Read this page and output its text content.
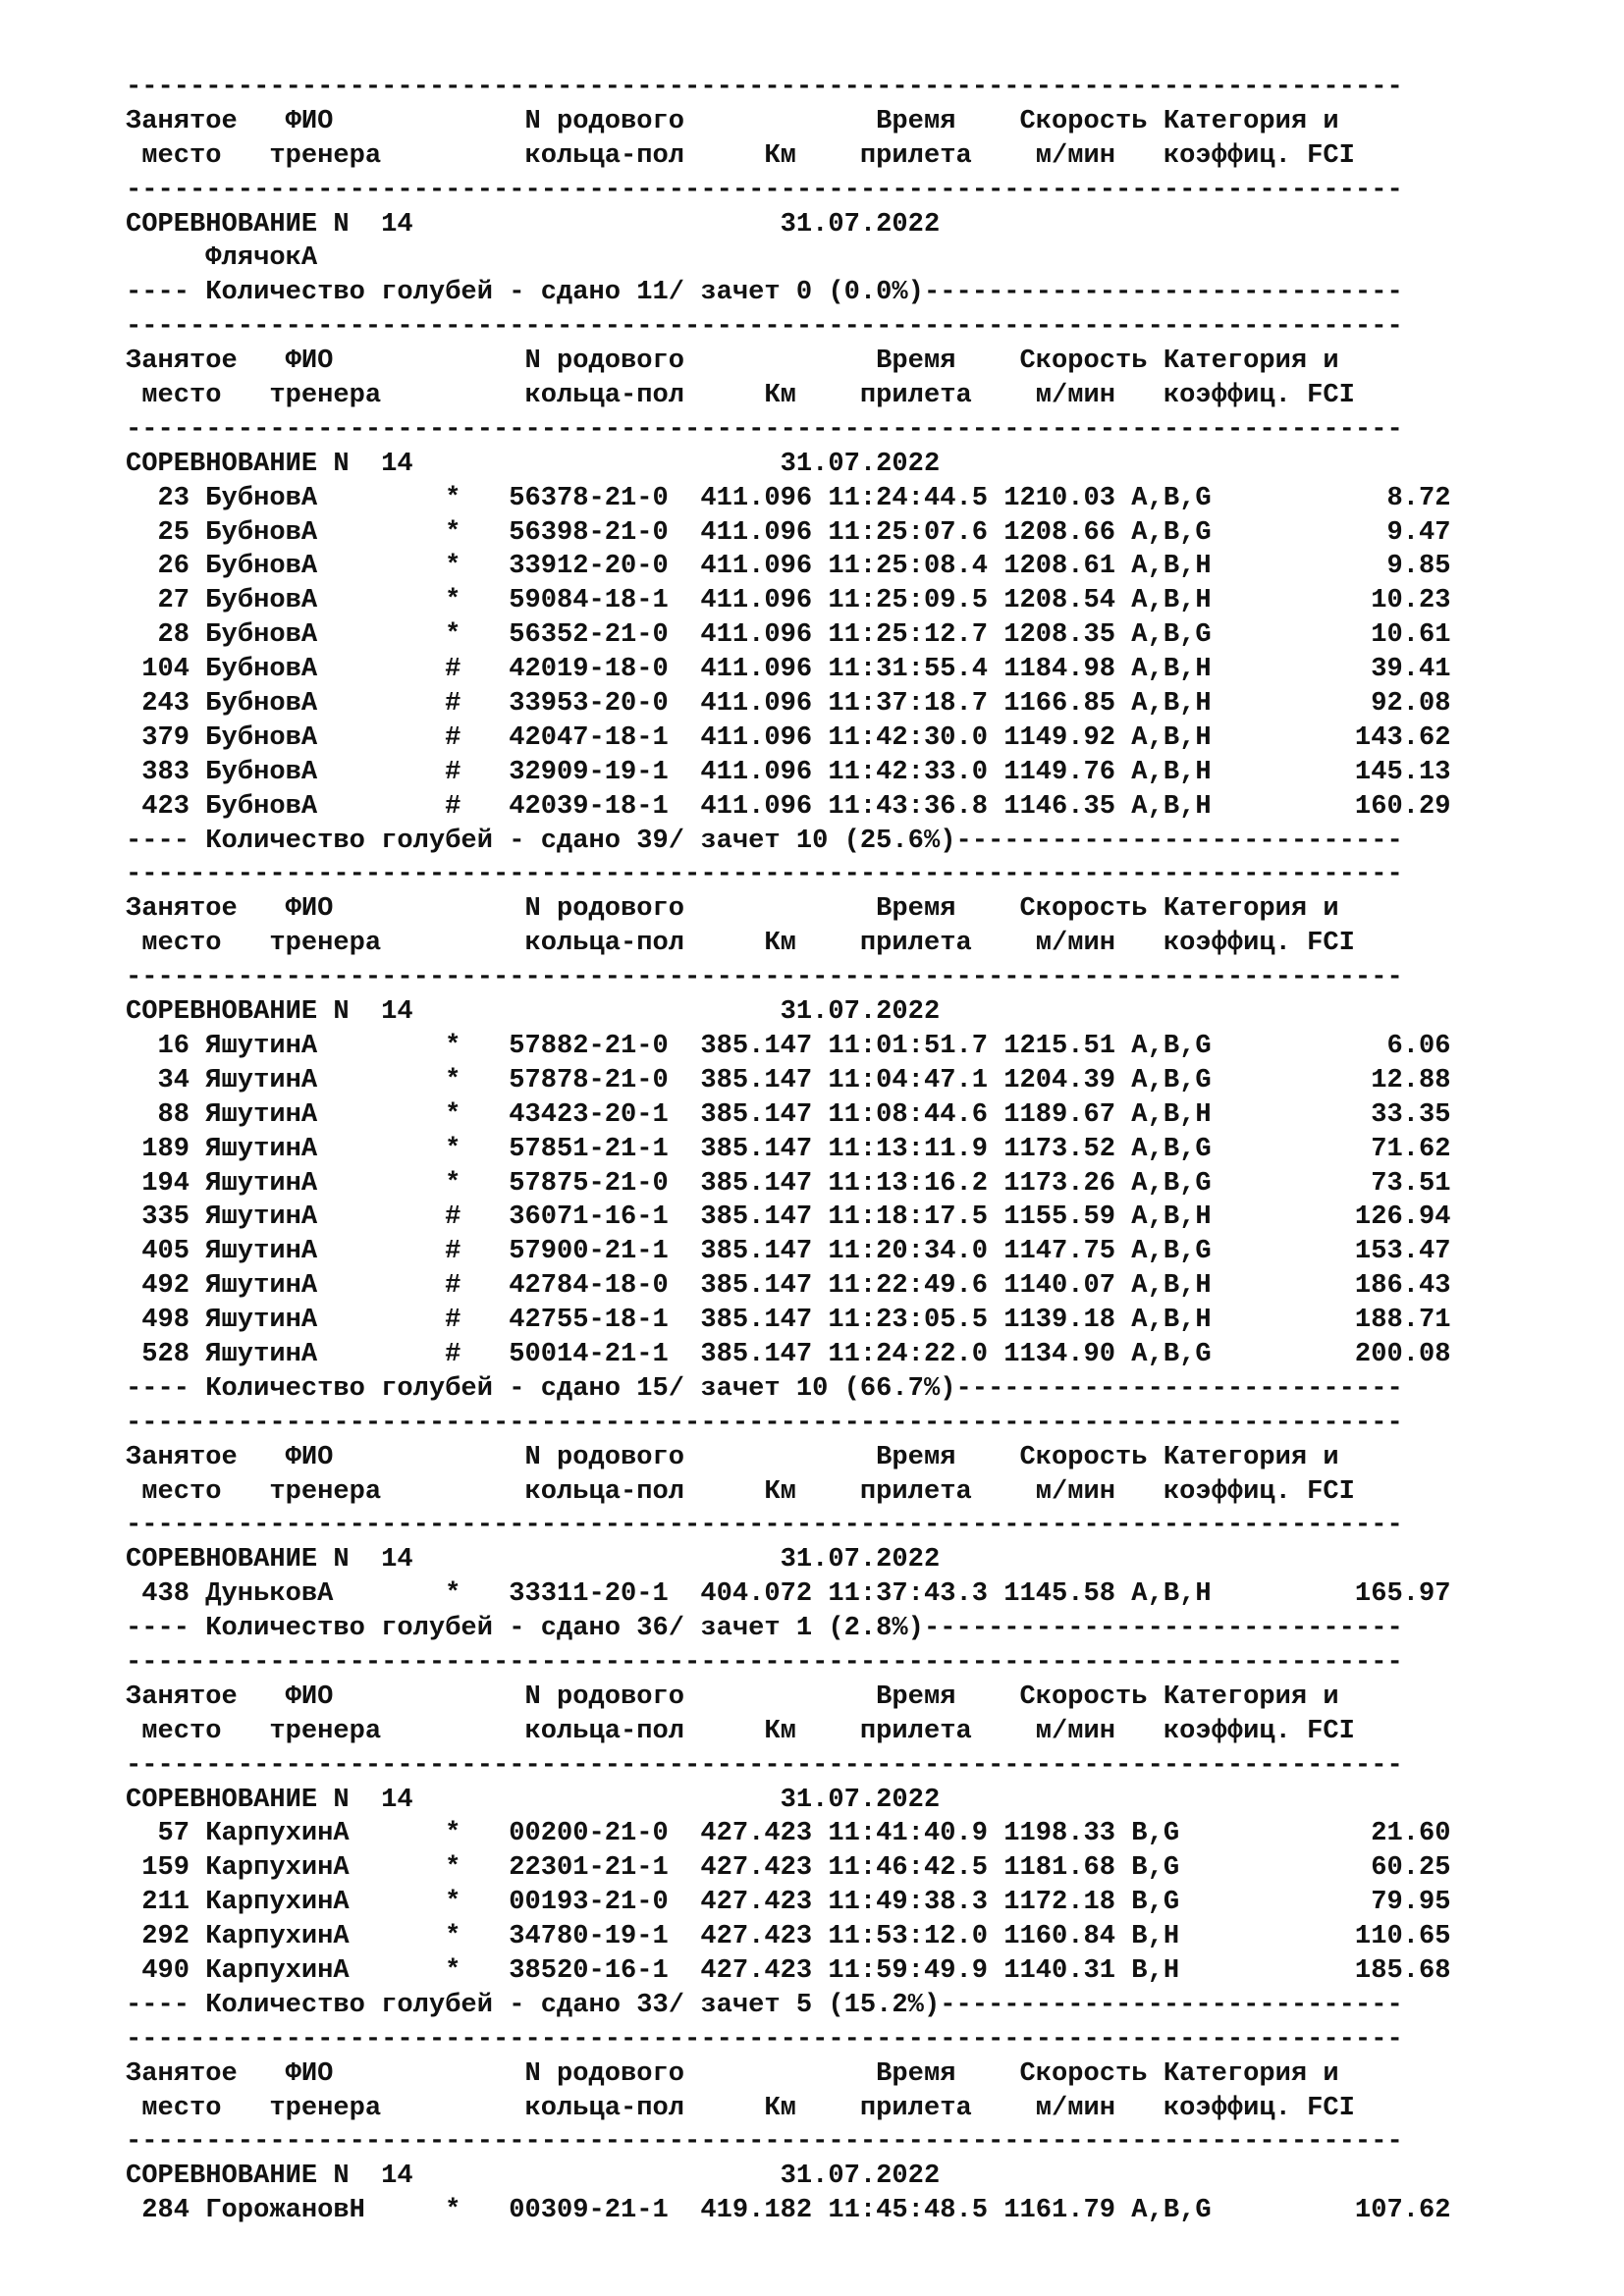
--------------------------------------------------------------------------------
Занятое   ФИО            N родового            Время    Скорость Категория и
место   тренера         кольца-пол     Км    прилета    м/мин   коэффиц. FCI
--------------------------------------------------------------------------------
СОРЕВНОВАНИЕ N  14                       31.07.2022
ФлячокА
---- Количество голубей - сдано 11/ зачет 0 (0.0%)------------------------------
--------------------------------------------------------------------------------
Занятое   ФИО            N родового            Время    Скорость Категория и
место   тренера         кольца-пол     Км    прилета    м/мин   коэффиц. FCI
--------------------------------------------------------------------------------
СОРЕВНОВАНИЕ N  14                       31.07.2022
23 БубновА        *   56378-21-0  411.096 11:24:44.5 1210.03 A,B,G           8.72
25 БубновА        *   56398-21-0  411.096 11:25:07.6 1208.66 A,B,G           9.47
26 БубновА        *   33912-20-0  411.096 11:25:08.4 1208.61 A,B,H           9.85
27 БубновА        *   59084-18-1  411.096 11:25:09.5 1208.54 A,B,H          10.23
28 БубновА        *   56352-21-0  411.096 11:25:12.7 1208.35 A,B,G          10.61
104 БубновА        #   42019-18-0  411.096 11:31:55.4 1184.98 A,B,H          39.41
243 БубновА        #   33953-20-0  411.096 11:37:18.7 1166.85 A,B,H          92.08
379 БубновА        #   42047-18-1  411.096 11:42:30.0 1149.92 A,B,H         143.62
383 БубновА        #   32909-19-1  411.096 11:42:33.0 1149.76 A,B,H         145.13
423 БубновА        #   42039-18-1  411.096 11:43:36.8 1146.35 A,B,H         160.29
---- Количество голубей - сдано 39/ зачет 10 (25.6%)----------------------------
--------------------------------------------------------------------------------
Занятое   ФИО            N родового            Время    Скорость Категория и
место   тренера         кольца-пол     Км    прилета    м/мин   коэффиц. FCI
--------------------------------------------------------------------------------
СОРЕВНОВАНИЕ N  14                       31.07.2022
16 ЯшутинА        *   57882-21-0  385.147 11:01:51.7 1215.51 A,B,G           6.06
34 ЯшутинА        *   57878-21-0  385.147 11:04:47.1 1204.39 A,B,G          12.88
88 ЯшутинА        *   43423-20-1  385.147 11:08:44.6 1189.67 A,B,H          33.35
189 ЯшутинА        *   57851-21-1  385.147 11:13:11.9 1173.52 A,B,G          71.62
194 ЯшутинА        *   57875-21-0  385.147 11:13:16.2 1173.26 A,B,G          73.51
335 ЯшутинА        #   36071-16-1  385.147 11:18:17.5 1155.59 A,B,H         126.94
405 ЯшутинА        #   57900-21-1  385.147 11:20:34.0 1147.75 A,B,G         153.47
492 ЯшутинА        #   42784-18-0  385.147 11:22:49.6 1140.07 A,B,H         186.43
498 ЯшутинА        #   42755-18-1  385.147 11:23:05.5 1139.18 A,B,H         188.71
528 ЯшутинА        #   50014-21-1  385.147 11:24:22.0 1134.90 A,B,G         200.08
---- Количество голубей - сдано 15/ зачет 10 (66.7%)----------------------------
--------------------------------------------------------------------------------
Занятое   ФИО            N родового            Время    Скорость Категория и
место   тренера         кольца-пол     Км    прилета    м/мин   коэффиц. FCI
--------------------------------------------------------------------------------
СОРЕВНОВАНИЕ N  14                       31.07.2022
438 ДуньковА       *   33311-20-1  404.072 11:37:43.3 1145.58 A,B,H         165.97
---- Количество голубей - сдано 36/ зачет 1 (2.8%)------------------------------
--------------------------------------------------------------------------------
Занятое   ФИО            N родового            Время    Скорость Категория и
место   тренера         кольца-пол     Км    прилета    м/мин   коэффиц. FCI
--------------------------------------------------------------------------------
СОРЕВНОВАНИЕ N  14                       31.07.2022
57 КарпухинА      *   00200-21-0  427.423 11:41:40.9 1198.33 B,G            21.60
159 КарпухинА      *   22301-21-1  427.423 11:46:42.5 1181.68 B,G            60.25
211 КарпухинА      *   00193-21-0  427.423 11:49:38.3 1172.18 B,G            79.95
292 КарпухинА      *   34780-19-1  427.423 11:53:12.0 1160.84 B,H           110.65
490 КарпухинА      *   38520-16-1  427.423 11:59:49.9 1140.31 B,H           185.68
---- Количество голубей - сдано 33/ зачет 5 (15.2%)-----------------------------
--------------------------------------------------------------------------------
Занятое   ФИО            N родового            Время    Скорость Категория и
место   тренера         кольца-пол     Км    прилета    м/мин   коэффиц. FCI
--------------------------------------------------------------------------------
СОРЕВНОВАНИЕ N  14                       31.07.2022
284 ГорожановН     *   00309-21-1  419.182 11:45:48.5 1161.79 A,B,G         107.62
